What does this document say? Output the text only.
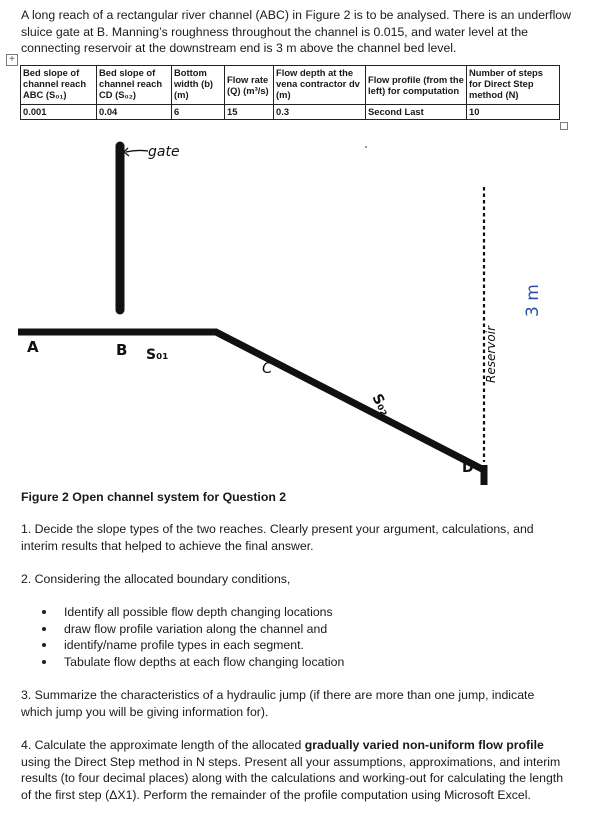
A long reach of a rectangular river channel (ABC) in Figure 2 is to be analysed. There is an underflow sluice gate at B. Manning’s roughness throughout the channel is 0.015, and water level at the connecting reservoir at the downstream end is 3 m above the channel bed level.

+
Bed slope of channel reach ABC (S₀₁)	Bed slope of channel reach CD (S₀₂)	Bottom width (b) (m)	Flow rate (Q) (m³/s)	Flow depth at the vena contractor dv (m)	Flow profile (from the left) for computation	Number of steps for Direct Step method (N)
0.001	0.04	6	15	0.3	Second Last	10
gate
A	B S₀₁
C
S₀₂
D
Reservoir
3 m
Figure 2 Open channel system for Question 2

1. Decide the slope types of the two reaches. Clearly present your argument, calculations, and interim results that helped to achieve the final answer.

2. Considering the allocated boundary conditions,

Identify all possible flow depth changing locations
draw flow profile variation along the channel and
identify/name profile types in each segment.
Tabulate flow depths at each flow changing location

3. Summarize the characteristics of a hydraulic jump (if there are more than one jump, indicate which jump you will be giving information for).

4. Calculate the approximate length of the allocated gradually varied non-uniform flow profile using the Direct Step method in N steps. Present all your assumptions, approximations, and interim results (to four decimal places) along with the calculations and working-out for calculating the length of the first step (ΔX1). Perform the remainder of the profile computation using Microsoft Excel.
